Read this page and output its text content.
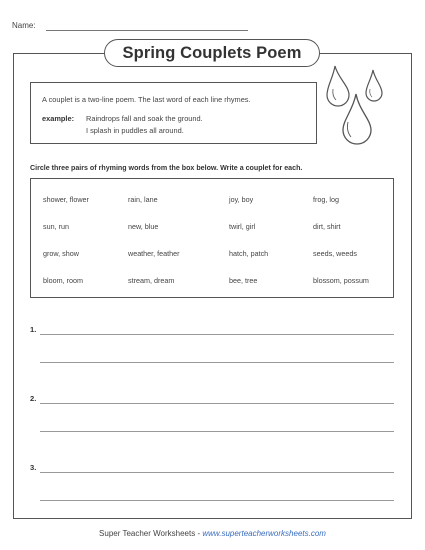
Name:
Spring Couplets Poem
A couplet is a two-line poem. The last word of each line rhymes.
example: Raindrops fall and soak the ground.
I splash in puddles all around.
Circle three pairs of rhyming words from the box below. Write a couplet for each.
shower, flower	rain, lane	joy, boy	frog, log
sun, run	new, blue	twirl, girl	dirt, shirt
grow, show	weather, feather	hatch, patch	seeds, weeds
bloom, room	stream, dream	bee, tree	blossom, possum
1.
2.
3.
Super Teacher Worksheets - www.superteacherworksheets.com
